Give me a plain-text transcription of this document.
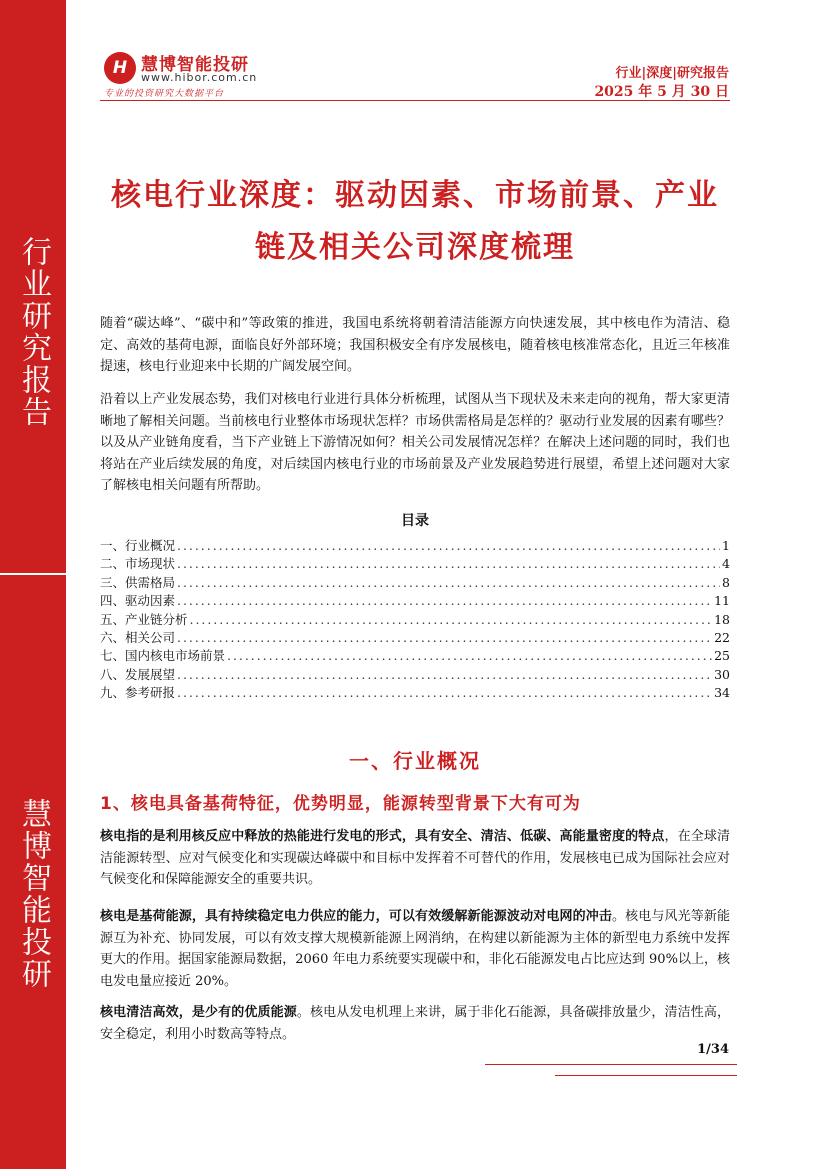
行业研究报告
慧博智能投研
H 慧博智能投研
www.hibor.com.cn
专业的投资研究大数据平台
行业|深度|研究报告
2025 年 5 月 30 日
核电行业深度：驱动因素、市场前景、产业
链及相关公司深度梳理

随着“碳达峰”、“碳中和”等政策的推进，我国电系统将朝着清洁能源方向快速发展，其中核电作为清洁、稳定、高效的基荷电源，面临良好外部环境；我国积极安全有序发展核电，随着核电核准常态化，且近三年核准提速，核电行业迎来中长期的广阔发展空间。

沿着以上产业发展态势，我们对核电行业进行具体分析梳理，试图从当下现状及未来走向的视角，帮大家更清晰地了解相关问题。当前核电行业整体市场现状怎样？市场供需格局是怎样的？驱动行业发展的因素有哪些？以及从产业链角度看，当下产业链上下游情况如何？相关公司发展情况怎样？在解决上述问题的同时，我们也将站在产业后续发展的角度，对后续国内核电行业的市场前景及产业发展趋势进行展望，希望上述问题对大家了解核电相关问题有所帮助。

目录
一、行业概况 . . .	1
二、市场现状 . . .	4
三、供需格局 . . .	8
四、驱动因素 . . .	11
五、产业链分析 . . .	18
六、相关公司 . . .	22
七、国内核电市场前景 . . .	25
八、发展展望 . . .	30
九、参考研报 . . .	34
一、行业概况
1、核电具备基荷特征，优势明显，能源转型背景下大有可为

核电指的是利用核反应中释放的热能进行发电的形式，具有安全、清洁、低碳、高能量密度的特点，在全球清洁能源转型、应对气候变化和实现碳达峰碳中和目标中发挥着不可替代的作用，发展核电已成为国际社会应对气候变化和保障能源安全的重要共识。

核电是基荷能源，具有持续稳定电力供应的能力，可以有效缓解新能源波动对电网的冲击。核电与风光等新能源互为补充、协同发展，可以有效支撑大规模新能源上网消纳，在构建以新能源为主体的新型电力系统中发挥更大的作用。据国家能源局数据，2060 年电力系统要实现碳中和，非化石能源发电占比应达到 90%以上，核电发电量应接近 20%。

核电清洁高效，是少有的优质能源。核电从发电机理上来讲，属于非化石能源，具备碳排放量少，清洁性高，安全稳定，利用小时数高等特点。

1/34
